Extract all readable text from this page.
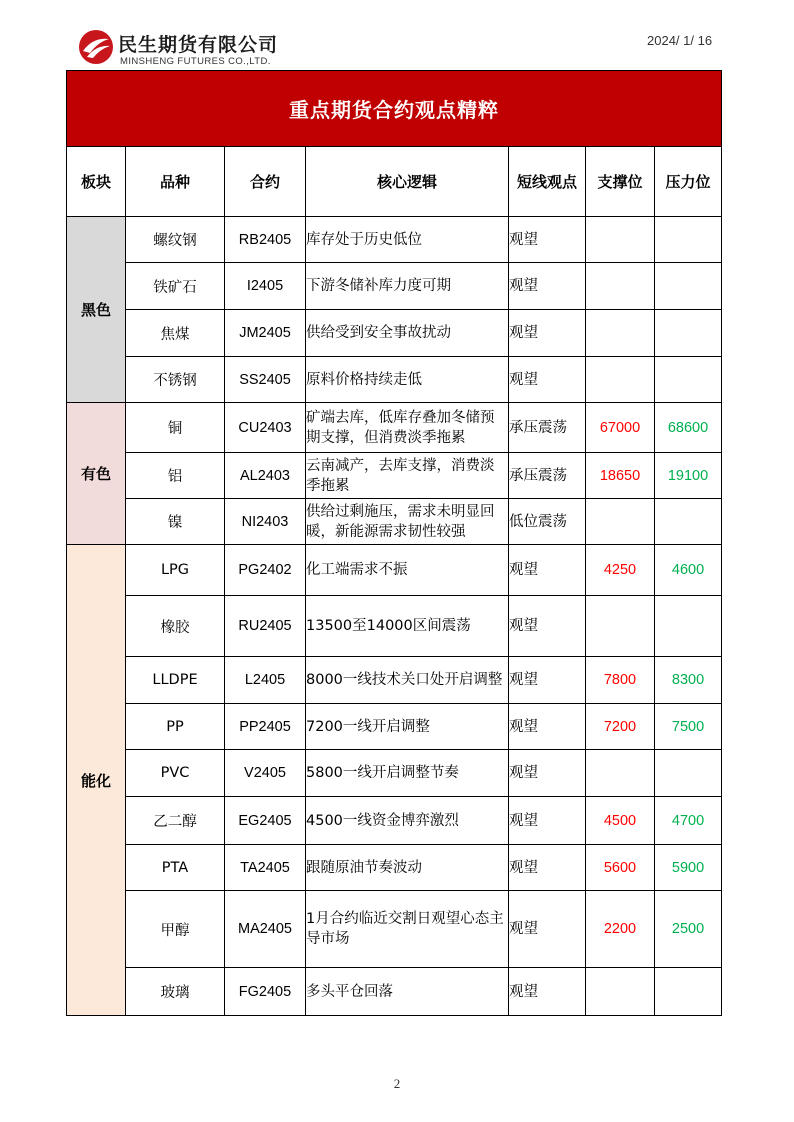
民生期货有限公司
MINSHENG FUTURES CO.,LTD.
2024/ 1/ 16
重点期货合约观点精粹						
板块	品种	合约	核心逻辑	短线观点	支撑位	压力位
黑色	螺纹钢	RB2405	库存处于历史低位	观望		
	铁矿石	I2405	下游冬储补库力度可期	观望		
	焦煤	JM2405	供给受到安全事故扰动	观望		
	不锈钢	SS2405	原料价格持续走低	观望		
有色	铜	CU2403	矿端去库，低库存叠加冬储预期支撑，但消费淡季拖累	承压震荡	67000	68600
	铝	AL2403	云南减产，去库支撑，消费淡季拖累	承压震荡	18650	19100
	镍	NI2403	供给过剩施压，需求未明显回暖，新能源需求韧性较强	低位震荡		
能化	LPG	PG2402	化工端需求不振	观望	4250	4600
	橡胶	RU2405	13500至14000区间震荡	观望		
	LLDPE	L2405	8000一线技术关口处开启调整	观望	7800	8300
	PP	PP2405	7200一线开启调整	观望	7200	7500
	PVC	V2405	5800一线开启调整节奏	观望		
	乙二醇	EG2405	4500一线资金博弈激烈	观望	4500	4700
	PTA	TA2405	跟随原油节奏波动	观望	5600	5900
	甲醇	MA2405	1月合约临近交割日观望心态主导市场	观望	2200	2500
	玻璃	FG2405	多头平仓回落	观望		
2
